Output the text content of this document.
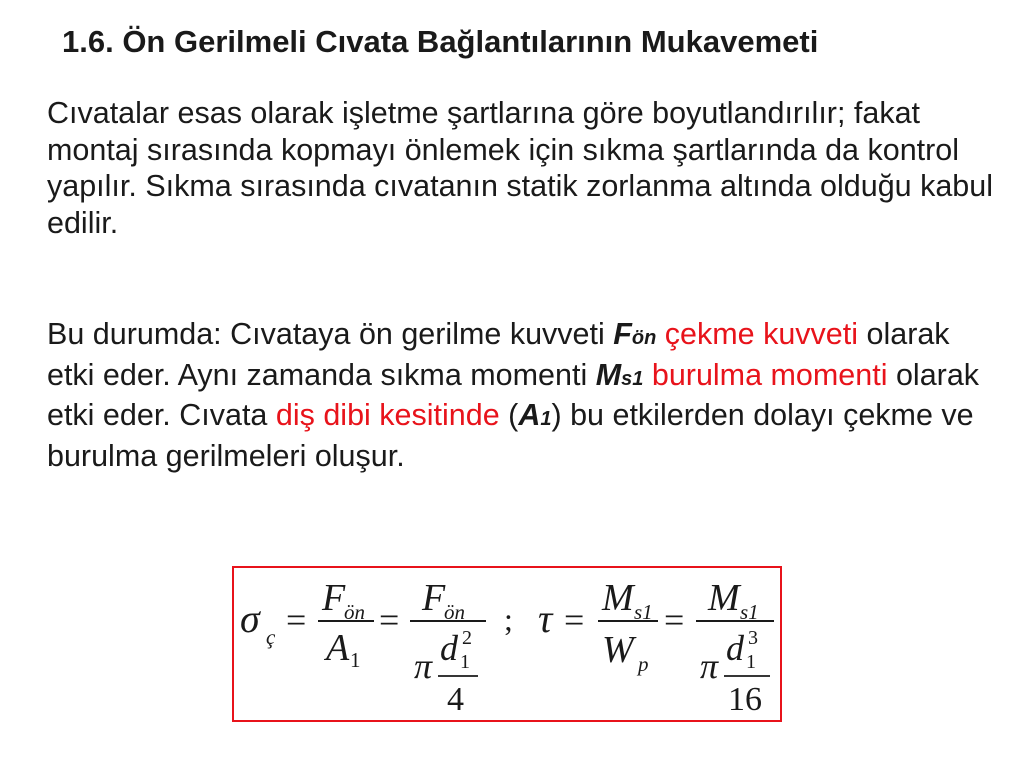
1.6. Ön Gerilmeli Cıvata Bağlantılarının Mukavemeti
Cıvatalar esas olarak işletme şartlarına göre boyutlandırılır; fakat montaj sırasında kopmayı önlemek için sıkma şartlarında da kontrol yapılır. Sıkma sırasında cıvatanın statik zorlanma altında olduğu kabul edilir.
Bu durumda: Cıvataya ön gerilme kuvveti Fön çekme kuvveti olarak etki eder. Aynı zamanda sıkma momenti Ms1 burulma momenti olarak etki eder. Cıvata diş dibi kesitinde (A1) bu etkilerden dolayı çekme ve burulma gerilmeleri oluşur.
σ ç =
F
ön
A 1
=
F
ön
π d 1
2
4
; τ =
M s1
W p
=
M s1
π d 1
3
16
